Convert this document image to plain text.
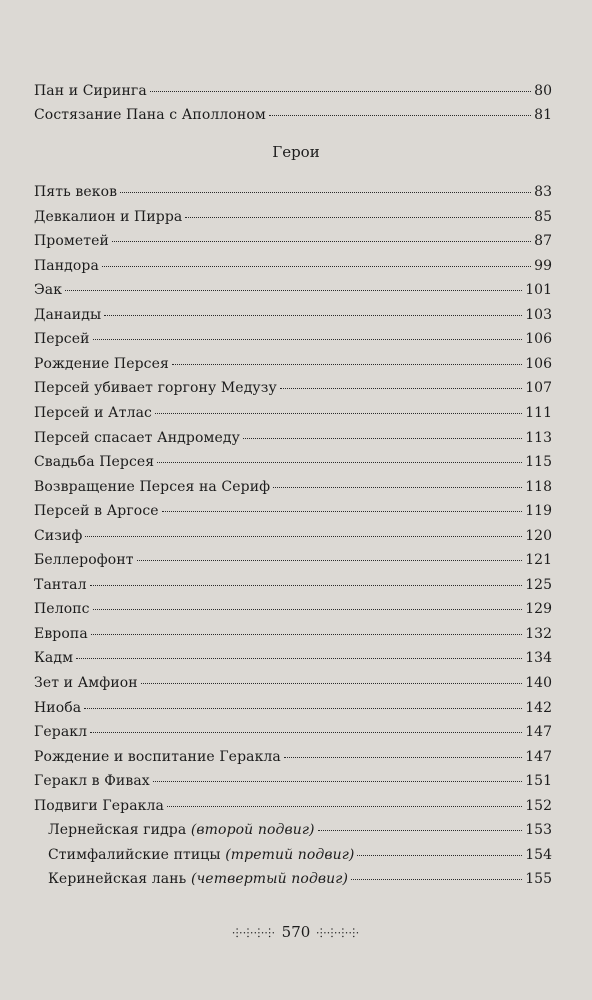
Герои
Пан и Сиринга	80
Состязание Пана с Аполлоном	81
Пять веков	83
Девкалион и Пирра	85
Прометей	87
Пандора	99
Эак	101
Данаиды	103
Персей	106
Рождение Персея	106
Персей убивает горгону Медузу	107
Персей и Атлас	111
Персей спасает Андромеду	113
Свадьба Персея	115
Возвращение Персея на Сериф	118
Персей в Аргосе	119
Сизиф	120
Беллерофонт	121
Тантал	125
Пелопс	129
Европа	132
Кадм	134
Зет и Амфион	140
Ниоба	142
Геракл	147
Рождение и воспитание Геракла	147
Геракл в Фивах	151
Подвиги Геракла	152
Лернейская гидра (второй подвиг)	153
Стимфалийские птицы (третий подвиг)	154
Керинейская лань (четвертый подвиг)	155
⸭⸭⸭⸭ 570 ⸭⸭⸭⸭
